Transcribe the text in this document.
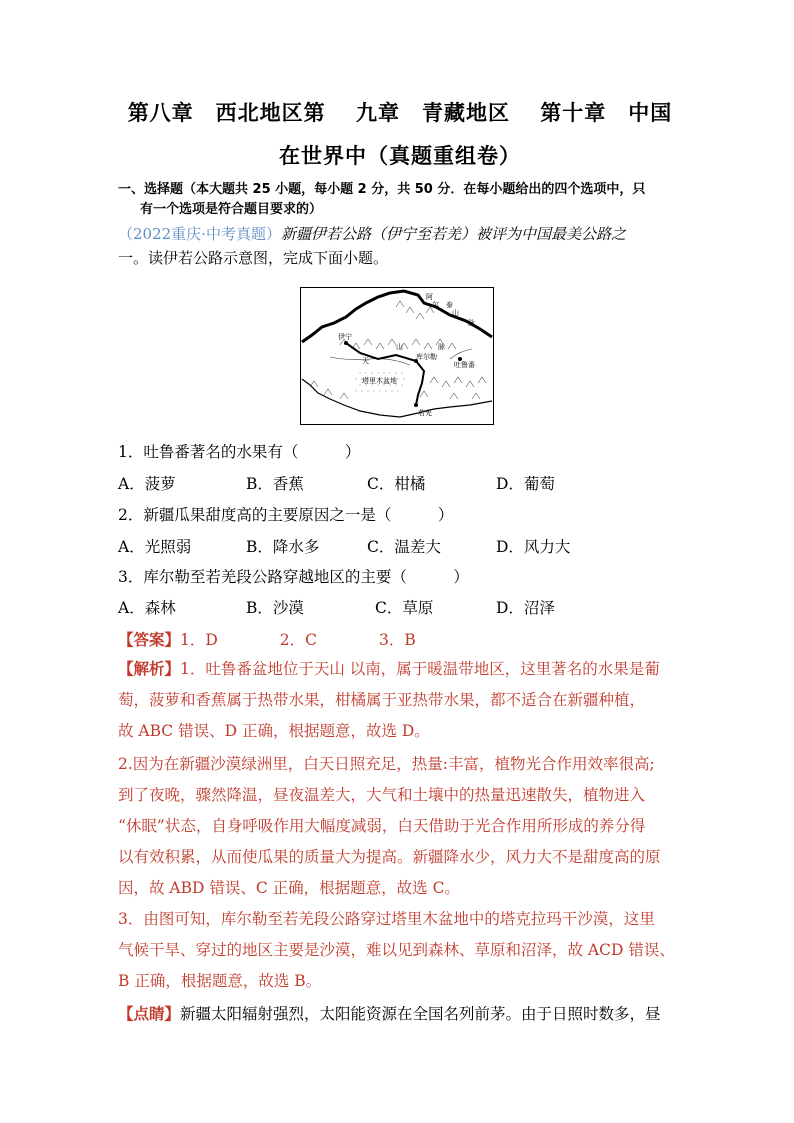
第八章　西北地区第　 九章　青藏地区　 第十章　中国
在世界中（真题重组卷）
一、选择题（本大题共 25 小题，每小题 2 分，共 50 分．在每小题给出的四个选项中，只
有一个选项是符合题目要求的）
（2022重庆·中考真题）新疆伊若公路（伊宁至若羌）被评为中国最美公路之
一。读伊若公路示意图，完成下面小题。
阿
尔 泰
山
脉
伊宁
天
山	脉
库尔勒
吐鲁番
塔里木盆地
若羌
1．吐鲁番著名的水果有（　　　）
A．菠萝	B．香蕉	C．柑橘	D．葡萄
2．新疆瓜果甜度高的主要原因之一是（　　　）
A．光照弱	B．降水多	C．温差大	D．风力大
3．库尔勒至若羌段公路穿越地区的主要（　　　）
A．森林	B．沙漠	C．草原	D．沼泽
【答案】1．D　　　　2．C　　　　3．B
【解析】1．吐鲁番盆地位于天山 以南，属于暖温带地区，这里著名的水果是葡
萄，菠萝和香蕉属于热带水果，柑橘属于亚热带水果，都不适合在新疆种植，
故 ABC 错误、D 正确，根据题意，故选 D。
2.因为在新疆沙漠绿洲里，白天日照充足，热量:丰富，植物光合作用效率很高;
到了夜晚，骤然降温，昼夜温差大，大气和土壤中的热量迅速散失，植物进入
“休眠”状态，自身呼吸作用大幅度减弱，白天借助于光合作用所形成的养分得
以有效积累，从而使瓜果的质量大为提高。新疆降水少，风力大不是甜度高的原
因，故 ABD 错误、C 正确，根据题意，故选 C。
3．由图可知，库尔勒至若羌段公路穿过塔里木盆地中的塔克拉玛干沙漠，这里
气候干旱、穿过的地区主要是沙漠，难以见到森林、草原和沼泽，故 ACD 错误、
B 正确，根据题意，故选 B。
【点睛】新疆太阳辐射强烈，太阳能资源在全国名列前茅。由于日照时数多，昼
